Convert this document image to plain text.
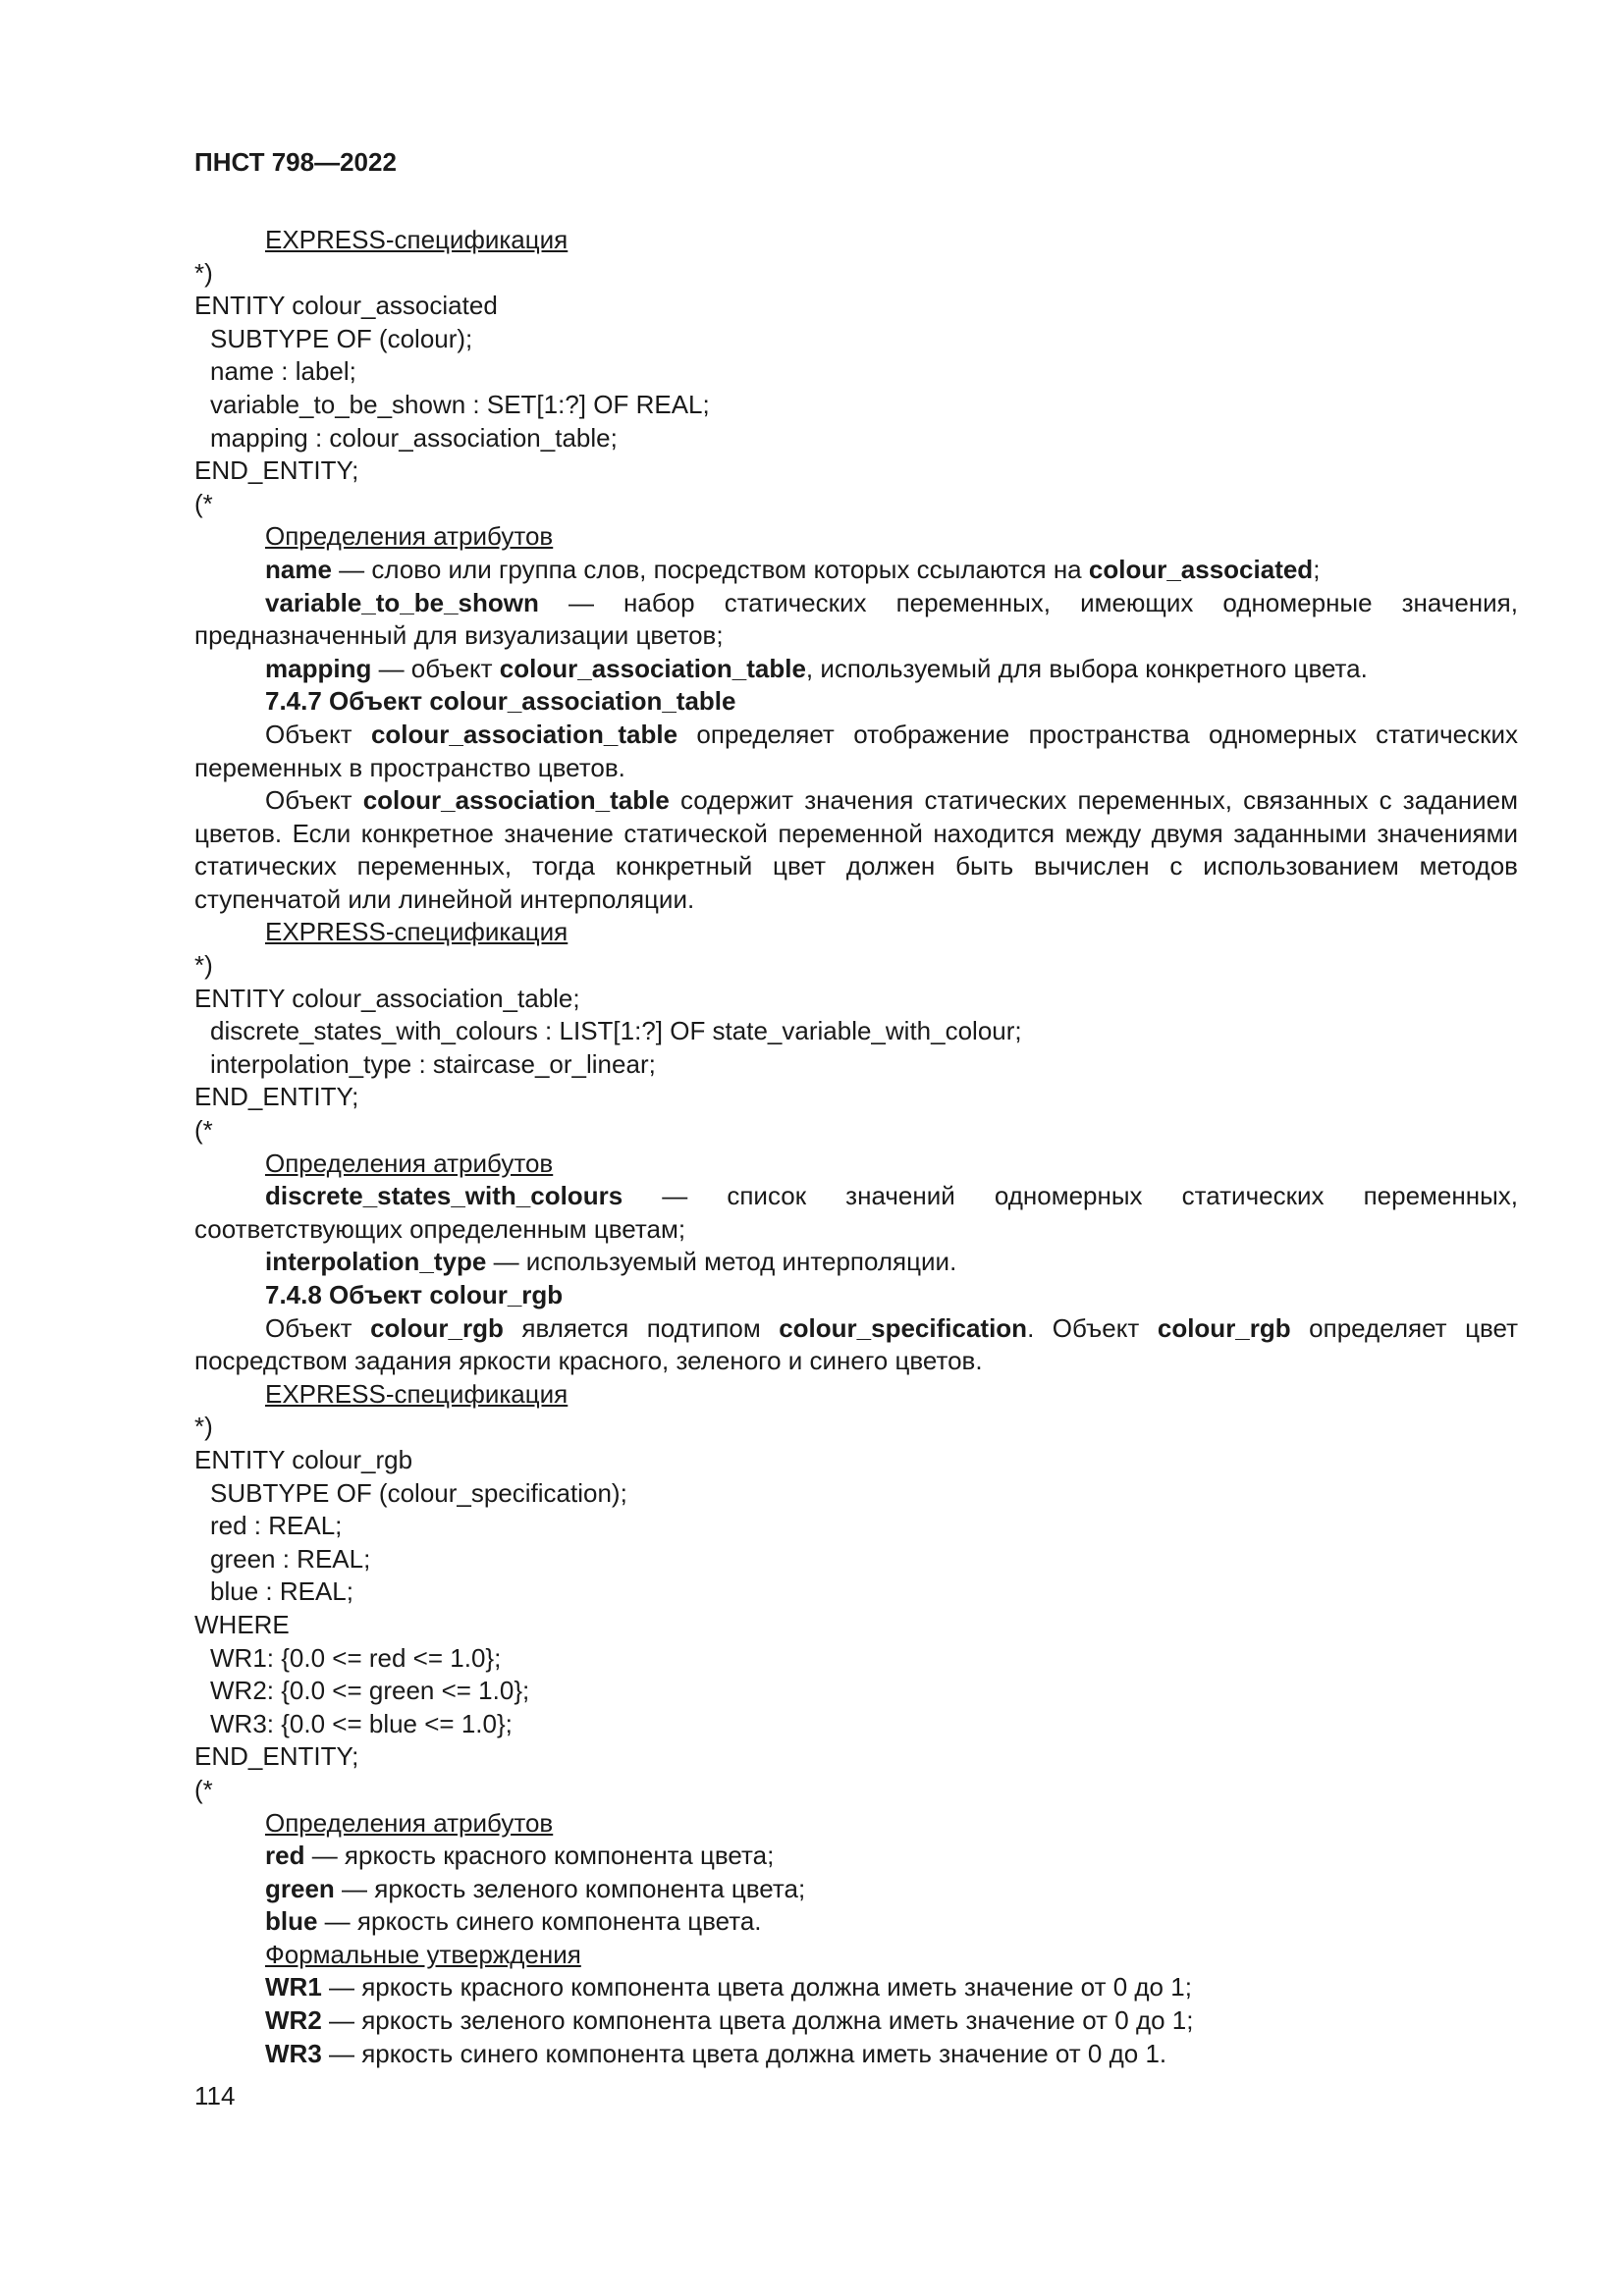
ПНСТ 798—2022
EXPRESS-спецификация
*)
ENTITY colour_associated
SUBTYPE OF (colour);
name : label;
variable_to_be_shown : SET[1:?] OF REAL;
mapping : colour_association_table;
END_ENTITY;
(*
Определения атрибутов
name — слово или группа слов, посредством которых ссылаются на colour_associated;
variable_to_be_shown — набор статических переменных, имеющих одномерные значения, предназначенный для визуализации цветов;
mapping — объект colour_association_table, используемый для выбора конкретного цвета.
7.4.7 Объект colour_association_table
Объект colour_association_table определяет отображение пространства одномерных статических переменных в пространство цветов.
Объект colour_association_table содержит значения статических переменных, связанных с заданием цветов. Если конкретное значение статической переменной находится между двумя заданными значениями статических переменных, тогда конкретный цвет должен быть вычислен с использованием методов ступенчатой или линейной интерполяции.
EXPRESS-спецификация
*)
ENTITY colour_association_table;
discrete_states_with_colours : LIST[1:?] OF state_variable_with_colour;
interpolation_type : staircase_or_linear;
END_ENTITY;
(*
Определения атрибутов
discrete_states_with_colours — список значений одномерных статических переменных, соответствующих определенным цветам;
interpolation_type — используемый метод интерполяции.
7.4.8 Объект colour_rgb
Объект colour_rgb является подтипом colour_specification. Объект colour_rgb определяет цвет посредством задания яркости красного, зеленого и синего цветов.
EXPRESS-спецификация
*)
ENTITY colour_rgb
SUBTYPE OF (colour_specification);
red : REAL;
green : REAL;
blue : REAL;
WHERE
WR1: {0.0 <= red <= 1.0};
WR2: {0.0 <= green <= 1.0};
WR3: {0.0 <= blue <= 1.0};
END_ENTITY;
(*
Определения атрибутов
red — яркость красного компонента цвета;
green — яркость зеленого компонента цвета;
blue — яркость синего компонента цвета.
Формальные утверждения
WR1 — яркость красного компонента цвета должна иметь значение от 0 до 1;
WR2 — яркость зеленого компонента цвета должна иметь значение от 0 до 1;
WR3 — яркость синего компонента цвета должна иметь значение от 0 до 1.
114
